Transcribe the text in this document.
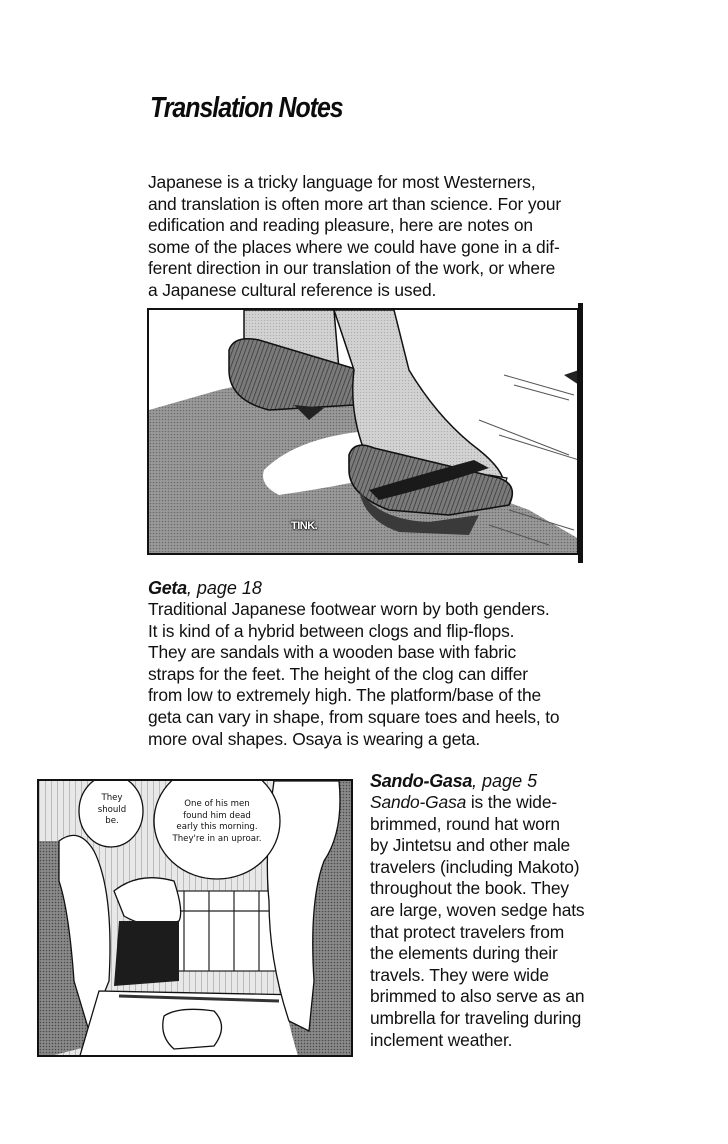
Translation Notes
Japanese is a tricky language for most Westerners,
and translation is often more art than science. For your
edification and reading pleasure, here are notes on
some of the places where we could have gone in a dif-
ferent direction in our translation of the work, or where
a Japanese cultural reference is used.
TINK.
Geta, page 18
Traditional Japanese footwear worn by both genders.
It is kind of a hybrid between clogs and flip-flops.
They are sandals with a wooden base with fabric
straps for the feet. The height of the clog can differ
from low to extremely high. The platform/base of the
geta can vary in shape, from square toes and heels, to
more oval shapes. Osaya is wearing a geta.
They
should
be.
One of his men
found him dead
early this morning.
They're in an uproar.
Sando-Gasa, page 5
Sando-Gasa is the wide-
brimmed, round hat worn
by Jintetsu and other male
travelers (including Makoto)
throughout the book. They
are large, woven sedge hats
that protect travelers from
the elements during their
travels. They were wide
brimmed to also serve as an
umbrella for traveling during
inclement weather.
